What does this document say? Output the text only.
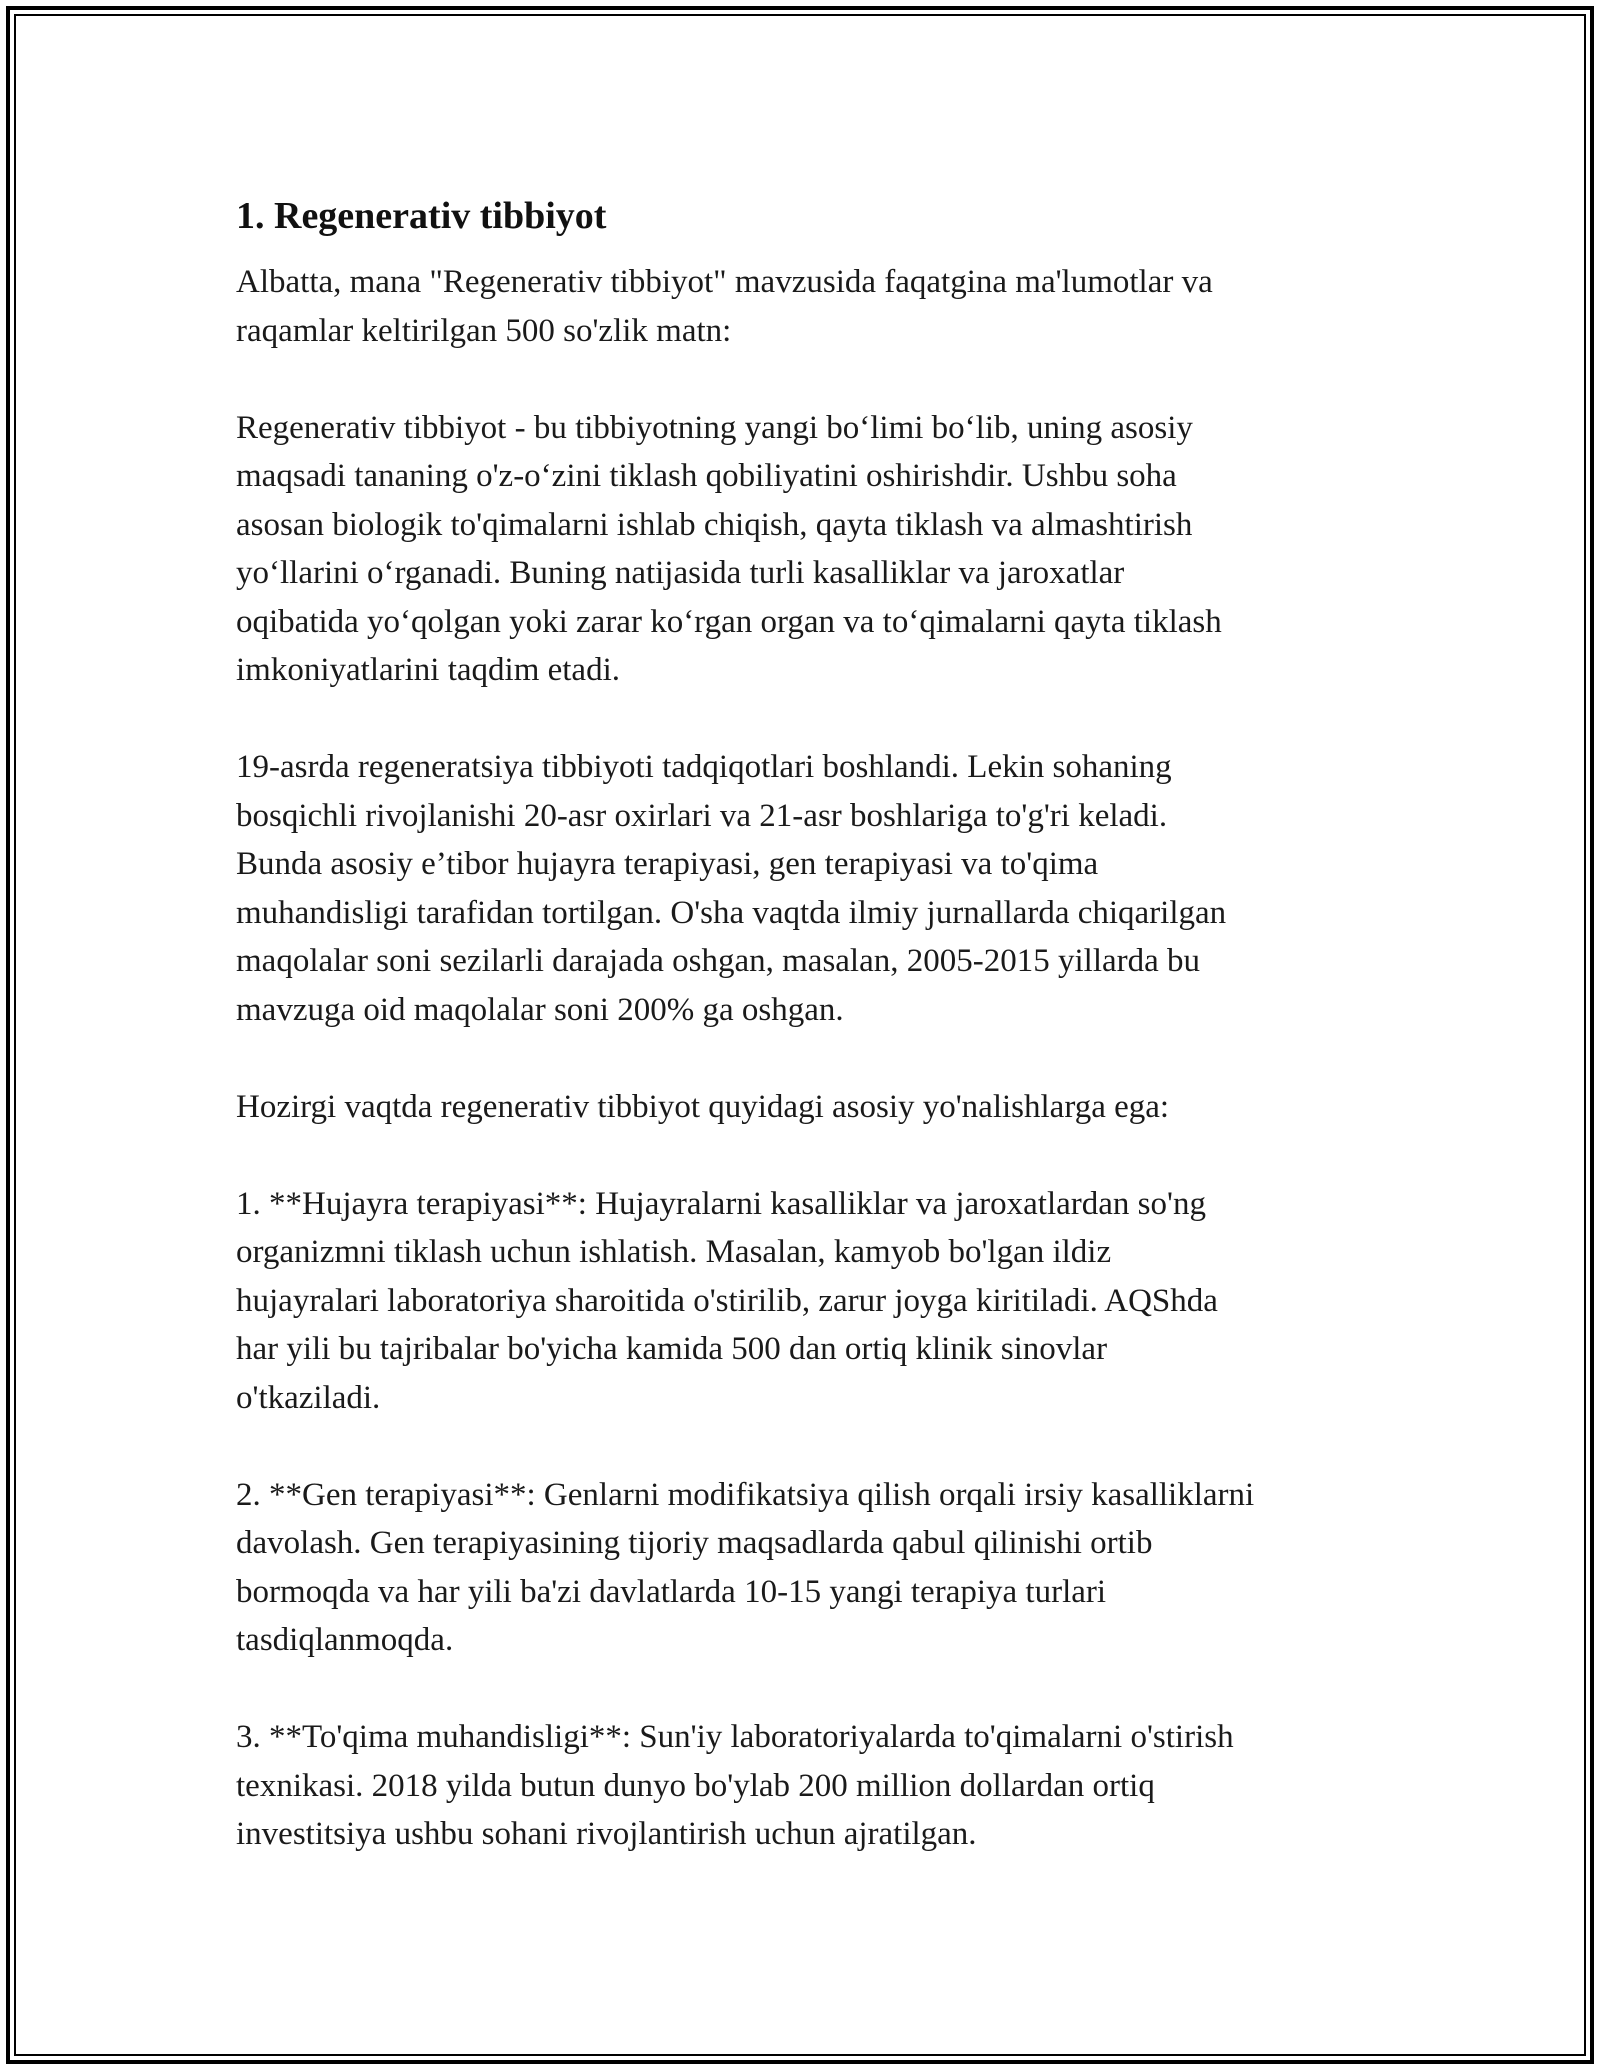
1. Regenerativ tibbiyot

Albatta, mana "Regenerativ tibbiyot" mavzusida faqatgina ma'lumotlar va
raqamlar keltirilgan 500 so'zlik matn:

Regenerativ tibbiyot - bu tibbiyotning yangi bo‘limi bo‘lib, uning asosiy
maqsadi tananing o'z-o‘zini tiklash qobiliyatini oshirishdir. Ushbu soha
asosan biologik to'qimalarni ishlab chiqish, qayta tiklash va almashtirish
yo‘llarini o‘rganadi. Buning natijasida turli kasalliklar va jaroxatlar
oqibatida yo‘qolgan yoki zarar ko‘rgan organ va to‘qimalarni qayta tiklash
imkoniyatlarini taqdim etadi.

19-asrda regeneratsiya tibbiyoti tadqiqotlari boshlandi. Lekin sohaning
bosqichli rivojlanishi 20-asr oxirlari va 21-asr boshlariga to'g'ri keladi.
Bunda asosiy e’tibor hujayra terapiyasi, gen terapiyasi va to'qima
muhandisligi tarafidan tortilgan. O'sha vaqtda ilmiy jurnallarda chiqarilgan
maqolalar soni sezilarli darajada oshgan, masalan, 2005-2015 yillarda bu
mavzuga oid maqolalar soni 200% ga oshgan.

Hozirgi vaqtda regenerativ tibbiyot quyidagi asosiy yo'nalishlarga ega:

1. **Hujayra terapiyasi**: Hujayralarni kasalliklar va jaroxatlardan so'ng
organizmni tiklash uchun ishlatish. Masalan, kamyob bo'lgan ildiz
hujayralari laboratoriya sharoitida o'stirilib, zarur joyga kiritiladi. AQShda
har yili bu tajribalar bo'yicha kamida 500 dan ortiq klinik sinovlar
o'tkaziladi.

2. **Gen terapiyasi**: Genlarni modifikatsiya qilish orqali irsiy kasalliklarni
davolash. Gen terapiyasining tijoriy maqsadlarda qabul qilinishi ortib
bormoqda va har yili ba'zi davlatlarda 10-15 yangi terapiya turlari
tasdiqlanmoqda.

3. **To'qima muhandisligi**: Sun'iy laboratoriyalarda to'qimalarni o'stirish
texnikasi. 2018 yilda butun dunyo bo'ylab 200 million dollardan ortiq
investitsiya ushbu sohani rivojlantirish uchun ajratilgan.
